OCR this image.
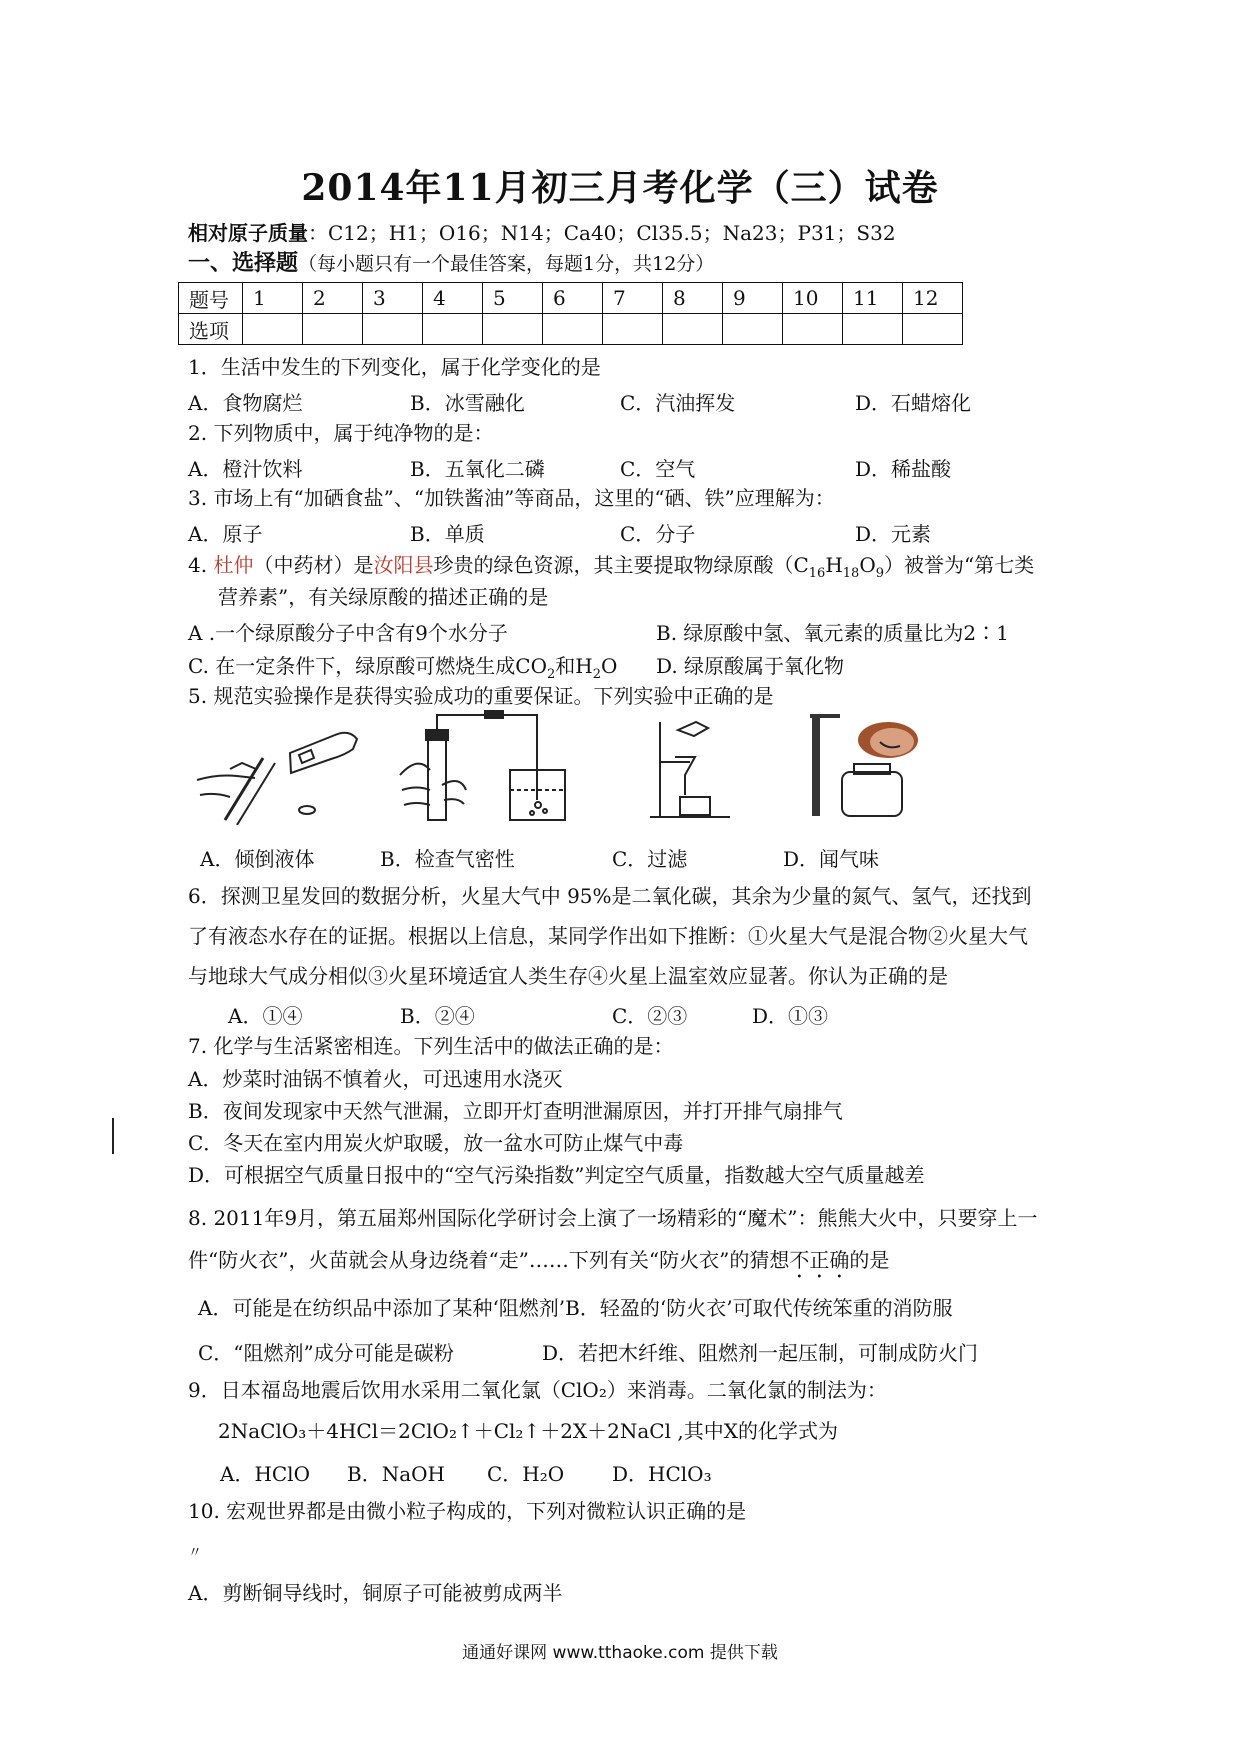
2014年11月初三月考化学（三）试卷
相对原子质量：C12；H1；O16；N14；Ca40；Cl35.5；Na23；P31；S32
一、选择题（每小题只有一个最佳答案，每题1分，共12分）
题号	1	2	3	4	5	6	7	8	9	10	11	12
选项												
1．生活中发生的下列变化，属于化学变化的是
A．食物腐烂	B．冰雪融化	C．汽油挥发	D．石蜡熔化
2. 下列物质中，属于纯净物的是：
A．橙汁饮料	B．五氧化二磷	C．空气	D．稀盐酸
3. 市场上有“加硒食盐”、“加铁酱油”等商品，这里的“硒、铁”应理解为：
A．原子	B．单质	C．分子	D．元素
4. 杜仲（中药材）是汝阳县珍贵的绿色资源，其主要提取物绿原酸$(C_{16}H_{18}O_9)$被誉为“第七类
营养素”，有关绿原酸的描述正确的是
A .一个绿原酸分子中含有9个水分子	B. 绿原酸中氢、氧元素的质量比为2∶1
C. 在一定条件下，绿原酸可燃烧生成$CO_2$和$H_2O$ D. 绿原酸属于氧化物
5. 规范实验操作是获得实验成功的重要保证。下列实验中正确的是
A．倾倒液体	B．检查气密性	C．过滤	D．闻气味
6．探测卫星发回的数据分析，火星大气中 95%是二氧化碳，其余为少量的氮气、氢气，还找到
了有液态水存在的证据。根据以上信息，某同学作出如下推断：①火星大气是混合物②火星大气
与地球大气成分相似③火星环境适宜人类生存④火星上温室效应显著。你认为正确的是
A．①④	B．②④	C．②③	D．①③
7. 化学与生活紧密相连。下列生活中的做法正确的是：
A．炒菜时油锅不慎着火，可迅速用水浇灭
B．夜间发现家中天然气泄漏，立即开灯查明泄漏原因，并打开排气扇排气
C．冬天在室内用炭火炉取暖，放一盆水可防止煤气中毒
D．可根据空气质量日报中的“空气污染指数”判定空气质量，指数越大空气质量越差
8. 2011年9月，第五届郑州国际化学研讨会上演了一场精彩的“魔术”：熊熊大火中，只要穿上一
件“防火衣”，火苗就会从身边绕着“走”……下列有关“防火衣”的猜想不正确的是
A．可能是在纺织品中添加了某种‘阻燃剂’B．轻盈的‘防火衣’可取代传统笨重的消防服
C．“阻燃剂”成分可能是碳粉	D．若把木纤维、阻燃剂一起压制，可制成防火门
9．日本福岛地震后饮用水采用二氧化氯（ClO₂）来消毒。二氧化氯的制法为：
2NaClO₃＋4HCl＝2ClO₂↑＋Cl₂↑＋2X＋2NaCl ,其中X的化学式为
A．HClO B．NaOH C．H₂O D．HClO₃
10. 宏观世界都是由微小粒子构成的，下列对微粒认识正确的是
〃
A．剪断铜导线时，铜原子可能被剪成两半
通通好课网 www.tthaoke.com 提供下载
